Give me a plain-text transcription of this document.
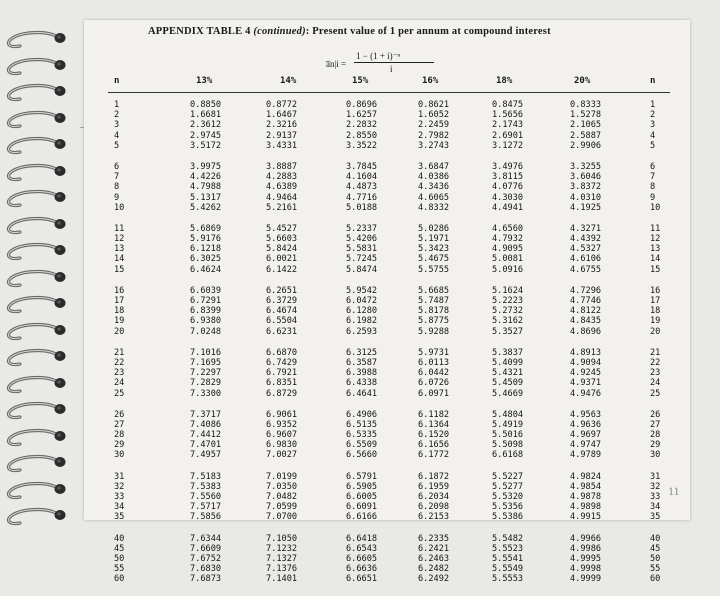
APPENDIX TABLE 4 (continued): Present value of 1 per annum at compound interest
a̅n|i =
1 − (1 + i)⁻ⁿ
i
n	13%	14%	15%	16%	18%	20%	n
1	0.8850	0.8772	0.8696	0.8621	0.8475	0.8333	1
2	1.6681	1.6467	1.6257	1.6052	1.5656	1.5278	2
3	2.3612	2.3216	2.2832	2.2459	2.1743	2.1065	3
4	2.9745	2.9137	2.8550	2.7982	2.6901	2.5887	4
5	3.5172	3.4331	3.3522	3.2743	3.1272	2.9906	5
6	3.9975	3.8887	3.7845	3.6847	3.4976	3.3255	6
7	4.4226	4.2883	4.1604	4.0386	3.8115	3.6046	7
8	4.7988	4.6389	4.4873	4.3436	4.0776	3.8372	8
9	5.1317	4.9464	4.7716	4.6065	4.3030	4.0310	9
10	5.4262	5.2161	5.0188	4.8332	4.4941	4.1925	10
11	5.6869	5.4527	5.2337	5.0286	4.6560	4.3271	11
12	5.9176	5.6603	5.4206	5.1971	4.7932	4.4392	12
13	6.1218	5.8424	5.5831	5.3423	4.9095	4.5327	13
14	6.3025	6.0021	5.7245	5.4675	5.0081	4.6106	14
15	6.4624	6.1422	5.8474	5.5755	5.0916	4.6755	15
16	6.6039	6.2651	5.9542	5.6685	5.1624	4.7296	16
17	6.7291	6.3729	6.0472	5.7487	5.2223	4.7746	17
18	6.8399	6.4674	6.1280	5.8178	5.2732	4.8122	18
19	6.9380	6.5504	6.1982	5.8775	5.3162	4.8435	19
20	7.0248	6.6231	6.2593	5.9288	5.3527	4.8696	20
21	7.1016	6.6870	6.3125	5.9731	5.3837	4.8913	21
22	7.1695	6.7429	6.3587	6.0113	5.4099	4.9094	22
23	7.2297	6.7921	6.3988	6.0442	5.4321	4.9245	23
24	7.2829	6.8351	6.4338	6.0726	5.4509	4.9371	24
25	7.3300	6.8729	6.4641	6.0971	5.4669	4.9476	25
26	7.3717	6.9061	6.4906	6.1182	5.4804	4.9563	26
27	7.4086	6.9352	6.5135	6.1364	5.4919	4.9636	27
28	7.4412	6.9607	6.5335	6.1520	5.5016	4.9697	28
29	7.4701	6.9830	6.5509	6.1656	5.5098	4.9747	29
30	7.4957	7.0027	6.5660	6.1772	6.6168	4.9789	30
31	7.5183	7.0199	6.5791	6.1872	5.5227	4.9824	31
32	7.5383	7.0350	6.5905	6.1959	5.5277	4.9854	32
33	7.5560	7.0482	6.6005	6.2034	5.5320	4.9878	33
34	7.5717	7.0599	6.6091	6.2098	5.5356	4.9898	34
35	7.5856	7.0700	6.6166	6.2153	5.5386	4.9915	35
40	7.6344	7.1050	6.6418	6.2335	5.5482	4.9966	40
45	7.6609	7.1232	6.6543	6.2421	5.5523	4.9986	45
50	7.6752	7.1327	6.6605	6.2463	5.5541	4.9995	50
55	7.6830	7.1376	6.6636	6.2482	5.5549	4.9998	55
60	7.6873	7.1401	6.6651	6.2492	5.5553	4.9999	60
11
